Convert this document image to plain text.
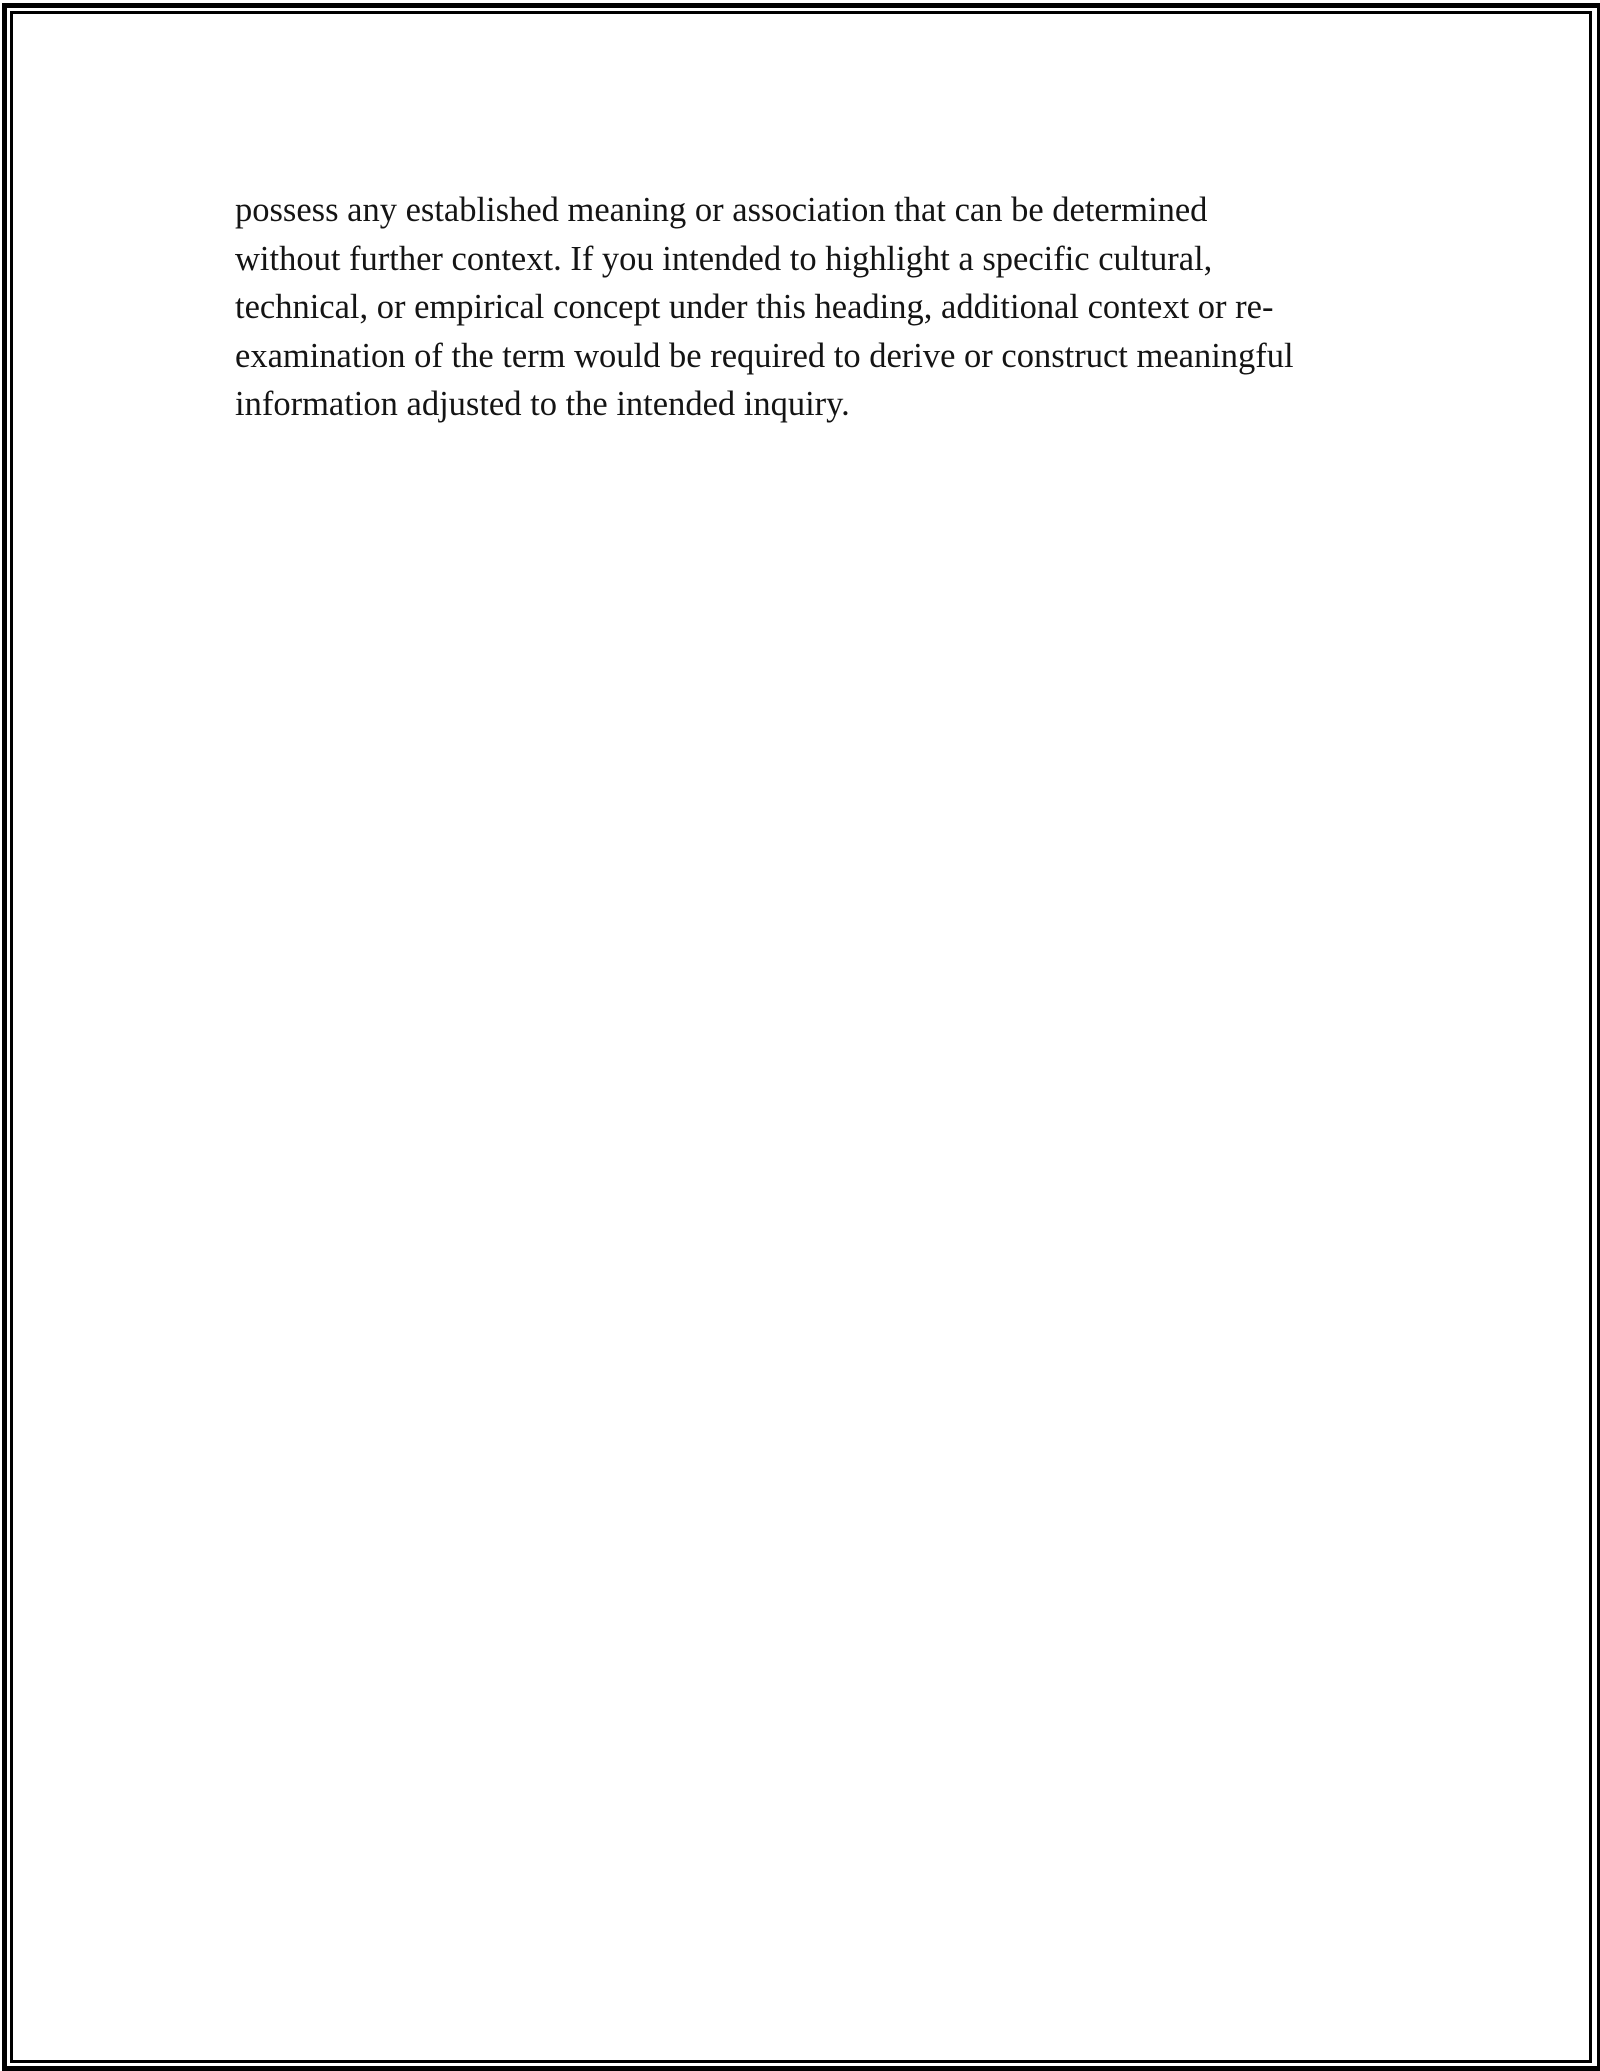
possess any established meaning or association that can be determined
without further context. If you intended to highlight a specific cultural,
technical, or empirical concept under this heading, additional context or re-
examination of the term would be required to derive or construct meaningful
information adjusted to the intended inquiry.
